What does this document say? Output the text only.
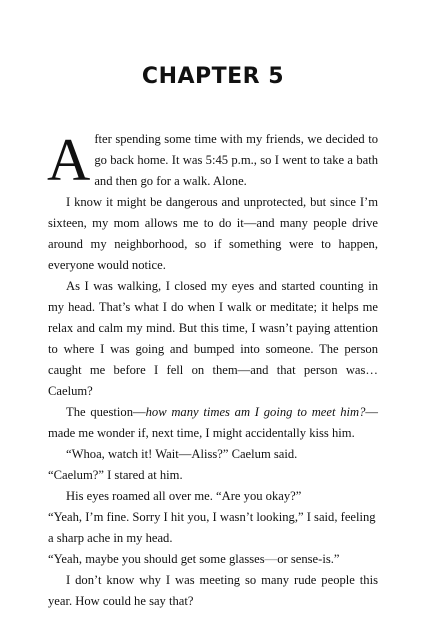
CHAPTER 5

After spending some time with my friends, we decided to go back home. It was 5:45 p.m., so I went to take a bath and then go for a walk. Alone.

I know it might be dangerous and unprotected, but since I’m sixteen, my mom allows me to do it—and many people drive around my neighborhood, so if something were to happen, everyone would notice.

As I was walking, I closed my eyes and started counting in my head. That’s what I do when I walk or meditate; it helps me relax and calm my mind. But this time, I wasn’t paying attention to where I was going and bumped into someone. The person caught me before I fell on them—and that person was… Caelum?

The question—how many times am I going to meet him?—made me wonder if, next time, I might accidentally kiss him.

“Whoa, watch it! Wait—Aliss?” Caelum said.

“Caelum?” I stared at him.

His eyes roamed all over me. “Are you okay?”

“Yeah, I’m fine. Sorry I hit you, I wasn’t looking,” I said, feeling a sharp ache in my head.

“Yeah, maybe you should get some glasses—or sense-is.”

I don’t know why I was meeting so many rude people this year. How could he say that?
